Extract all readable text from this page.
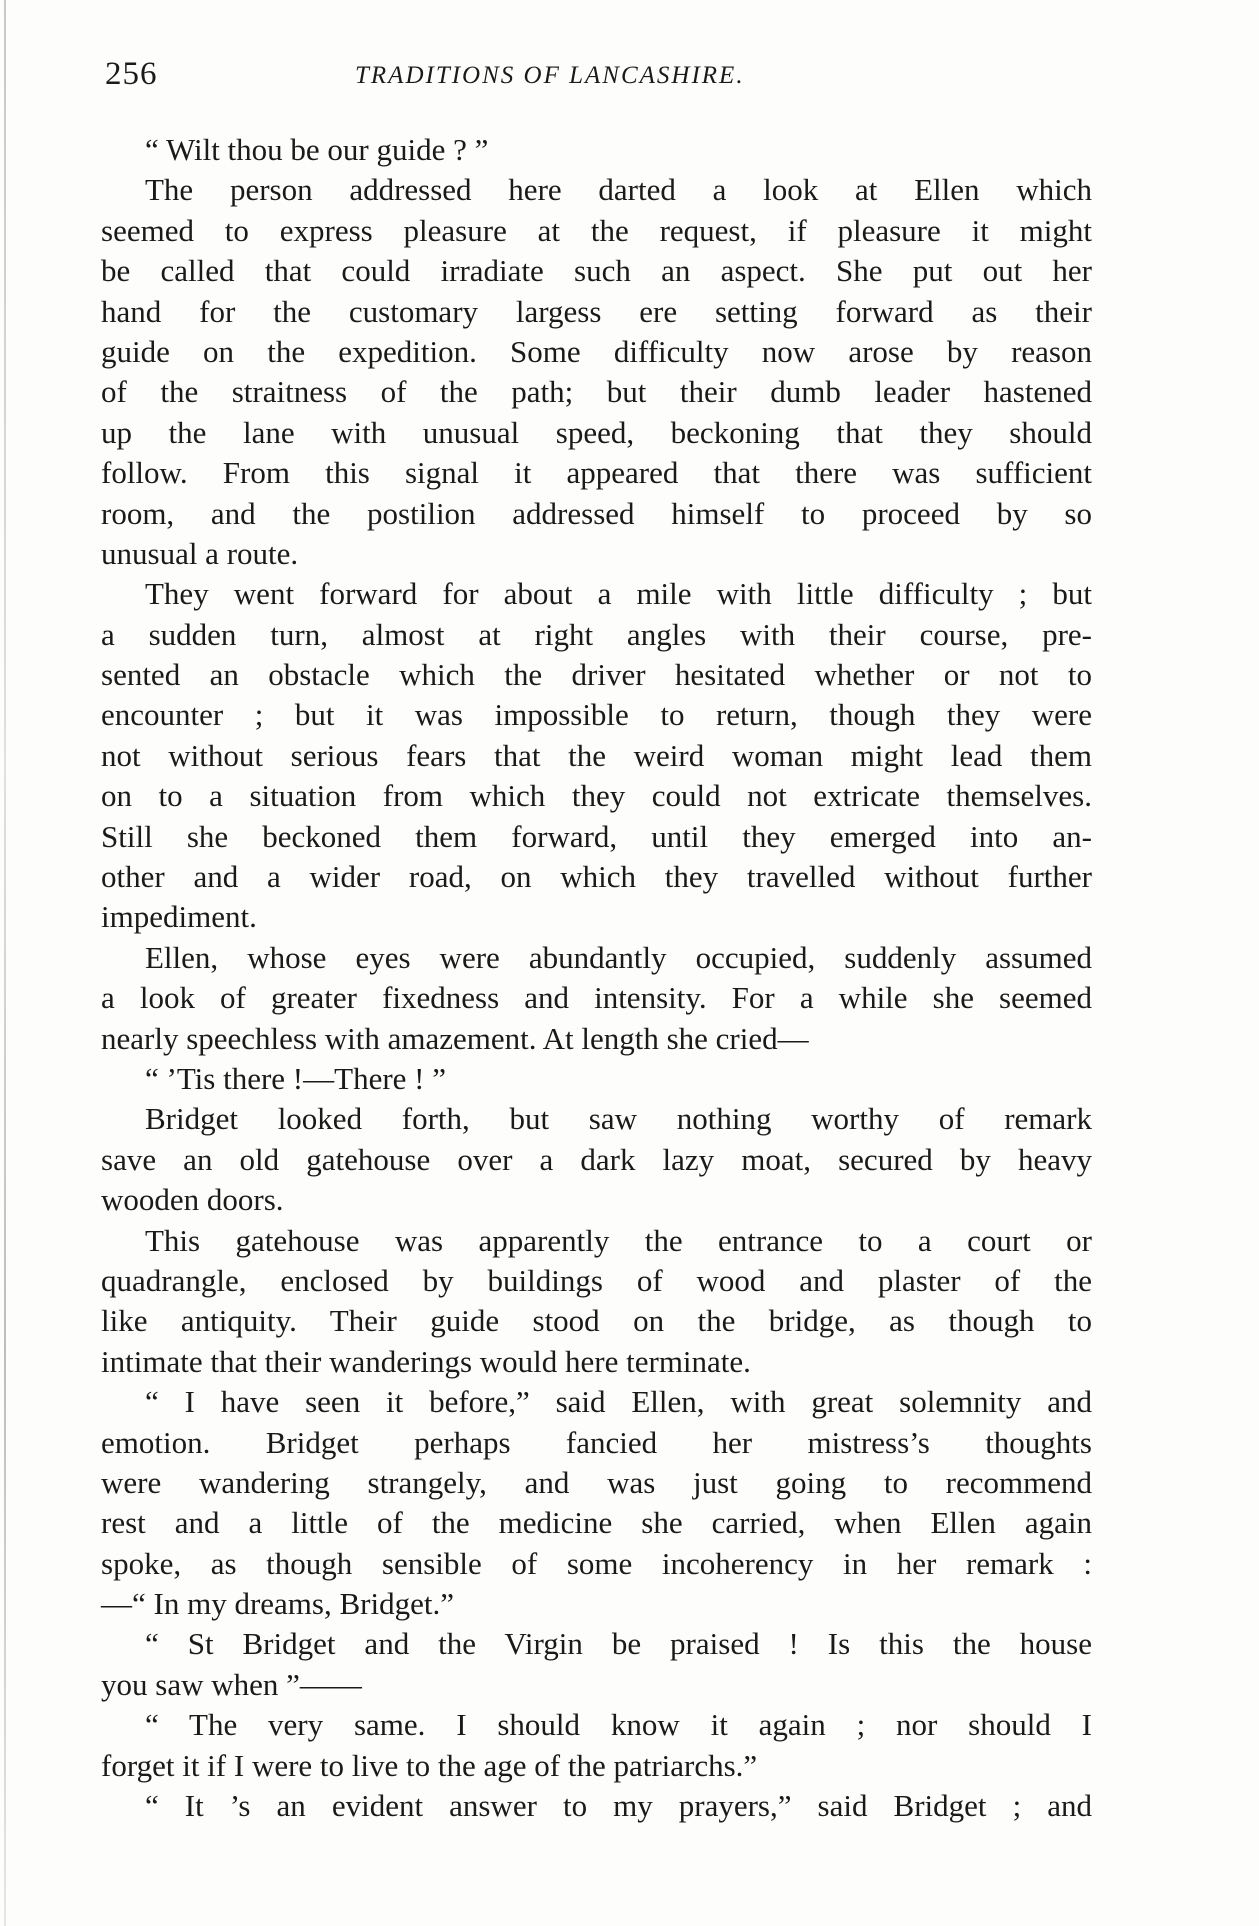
256	TRADITIONS OF LANCASHIRE.
“ Wilt thou be our guide ? ”
The person addressed here darted a look at Ellen which
seemed to express pleasure at the request, if pleasure it might
be called that could irradiate such an aspect. She put out her
hand for the customary largess ere setting forward as their
guide on the expedition. Some difficulty now arose by reason
of the straitness of the path; but their dumb leader hastened
up the lane with unusual speed, beckoning that they should
follow. From this signal it appeared that there was sufficient
room, and the postilion addressed himself to proceed by so
unusual a route.
They went forward for about a mile with little difficulty ; but
a sudden turn, almost at right angles with their course, pre-
sented an obstacle which the driver hesitated whether or not to
encounter ; but it was impossible to return, though they were
not without serious fears that the weird woman might lead them
on to a situation from which they could not extricate themselves.
Still she beckoned them forward, until they emerged into an-
other and a wider road, on which they travelled without further
impediment.
Ellen, whose eyes were abundantly occupied, suddenly assumed
a look of greater fixedness and intensity. For a while she seemed
nearly speechless with amazement. At length she cried—
“ ’Tis there !—There ! ”
Bridget looked forth, but saw nothing worthy of remark
save an old gatehouse over a dark lazy moat, secured by heavy
wooden doors.
This gatehouse was apparently the entrance to a court or
quadrangle, enclosed by buildings of wood and plaster of the
like antiquity. Their guide stood on the bridge, as though to
intimate that their wanderings would here terminate.
“ I have seen it before,” said Ellen, with great solemnity and
emotion. Bridget perhaps fancied her mistress’s thoughts
were wandering strangely, and was just going to recommend
rest and a little of the medicine she carried, when Ellen again
spoke, as though sensible of some incoherency in her remark :
—“ In my dreams, Bridget.”
“ St Bridget and the Virgin be praised ! Is this the house
you saw when ”——
“ The very same. I should know it again ; nor should I
forget it if I were to live to the age of the patriarchs.”
“ It ’s an evident answer to my prayers,” said Bridget ; and
